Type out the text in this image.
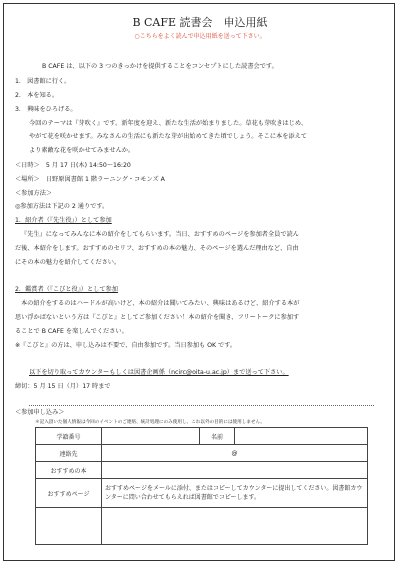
B CAFE 読書会　申込用紙
○こちらをよく読んで申込用紙を送って下さい。
B CAFE は、以下の 3 つのきっかけを提供することをコンセプトにした読書会です。
1.　図書館に行く。
2.　本を知る。
3.　興味をひろげる。
今回のテーマは『芽吹く』です。新年度を迎え、新たな生活が始まりました。草花も芽吹きはじめ、
やがて花を咲かせます。みなさんの生活にも新たな芽が出始めてきた頃でしょう。そこに本を添えて
より素敵な花を咲かせてみませんか。
＜日時＞　5 月 17 日(木) 14:50～16:20
＜場所＞　日野原図書館 1 階ラーニング・コモンズ A
＜参加方法＞
◎参加方法は下記の 2 通りです。
1．紹介者（『先生役』）として参加
『先生』になってみんなに本の紹介をしてもらいます。当日、おすすめのページを参加者全員で読ん
だ後、本紹介をします。おすすめのセリフ、おすすめの本の魅力、そのページを選んだ理由など、自由
にその本の魅力を紹介してください。
2．鑑賞者（『こびと役』）として参加
本の紹介をするのはハードルが高いけど、本の紹介は聞いてみたい、興味はあるけど、紹介する本が
思い浮かばないという方は『こびと』としてご参加ください！本の紹介を聞き、フリートークに参加す
ることで B CAFE を楽しんでください。
※『こびと』の方は、申し込みは不要で、自由参加です。当日参加も OK です。
以下を切り取ってカウンターもしくは図書企画係（ncirc@oita-u.ac.jp）まで送って下さい。
締切：5 月 15 日（月）17 時まで
＜参加申し込み＞
＊記入頂いた個人情報は今回のイベントのご連絡、統計処理にのみ使用し、これ以外の目的には使用しません。
学籍番号		名前	
連絡先	@		
おすすめの本			
おすすめページ	おすすめページをメールに添付、またはコピーしてカウンターに提出してください。図書館カウンターに問い合わせてもらえれば図書館でコピーします。		
